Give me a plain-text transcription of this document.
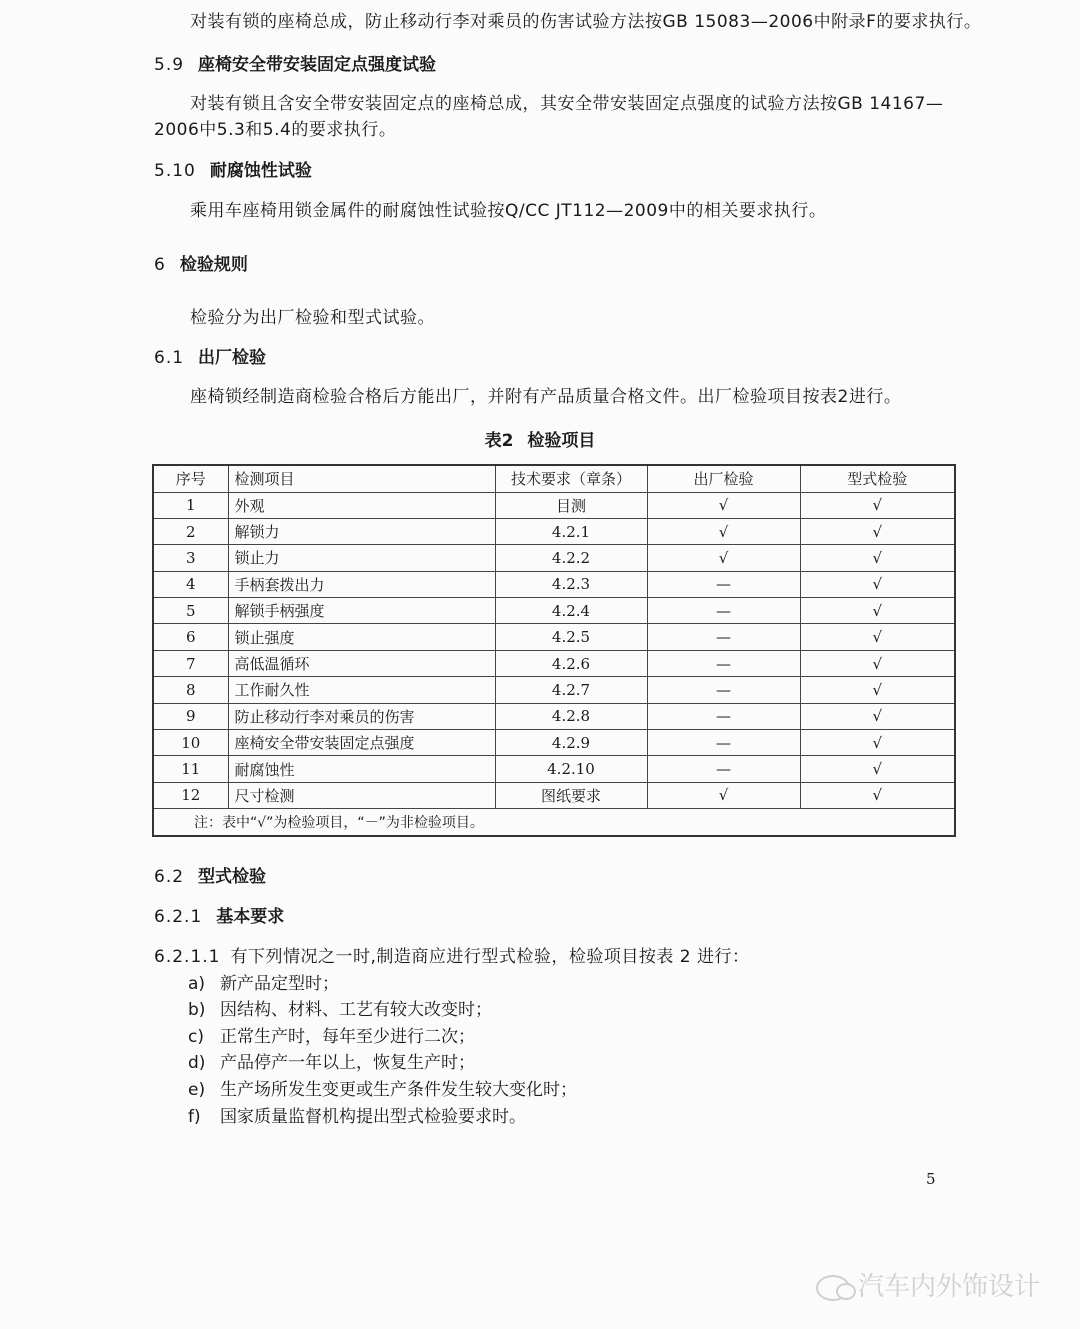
对装有锁的座椅总成，防止移动行李对乘员的伤害试验方法按GB 15083—2006中附录F的要求执行。
5.9 座椅安全带安装固定点强度试验
对装有锁且含安全带安装固定点的座椅总成，其安全带安装固定点强度的试验方法按GB 14167—
2006中5.3和5.4的要求执行。
5.10 耐腐蚀性试验
乘用车座椅用锁金属件的耐腐蚀性试验按Q/CC JT112—2009中的相关要求执行。
6 检验规则
检验分为出厂检验和型式试验。
6.1 出厂检验
座椅锁经制造商检验合格后方能出厂，并附有产品质量合格文件。出厂检验项目按表2进行。
表2 检验项目
序号	检测项目	技术要求（章条）	出厂检验	型式检验
1	外观	目测	√	√
2	解锁力	4.2.1	√	√
3	锁止力	4.2.2	√	√
4	手柄套拨出力	4.2.3	—	√
5	解锁手柄强度	4.2.4	—	√
6	锁止强度	4.2.5	—	√
7	高低温循环	4.2.6	—	√
8	工作耐久性	4.2.7	—	√
9	防止移动行李对乘员的伤害	4.2.8	—	√
10	座椅安全带安装固定点强度	4.2.9	—	√
11	耐腐蚀性	4.2.10	—	√
12	尺寸检测	图纸要求	√	√
注：表中“√”为检验项目，“－”为非检验项目。				
6.2 型式检验
6.2.1 基本要求
6.2.1.1 有下列情况之一时,制造商应进行型式检验，检验项目按表 2 进行：
a) 新产品定型时；
b) 因结构、材料、工艺有较大改变时；
c) 正常生产时，每年至少进行二次；
d) 产品停产一年以上，恢复生产时；
e) 生产场所发生变更或生产条件发生较大变化时；
f) 国家质量监督机构提出型式检验要求时。
5
汽车内外饰设计
